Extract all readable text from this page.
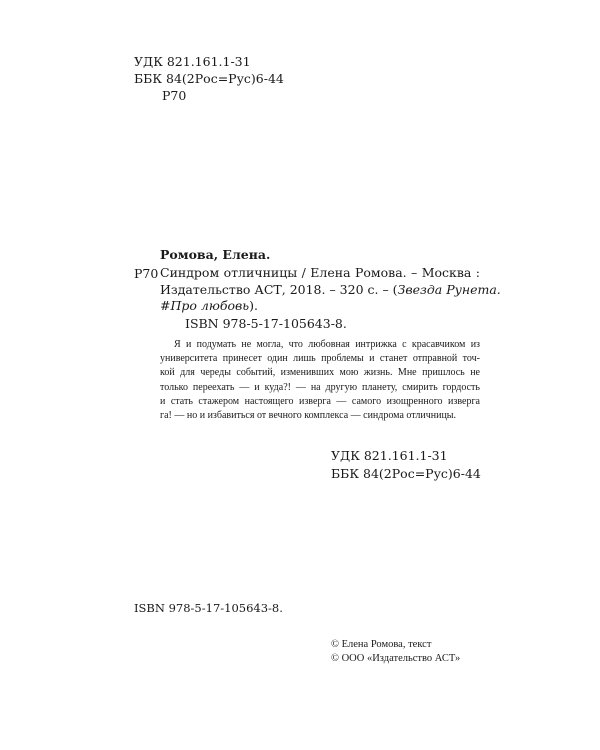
УДК 821.161.1-31
ББК 84(2Рос=Рус)6-44
Р70
Ромова, Елена.
Р70 Синдром отличницы / Елена Ромова. – Москва :
Издательство АСТ, 2018. – 320 с. – (Звезда Рунета.
#Про любовь).
ISBN 978-5-17-105643-8.
Я и подумать не могла, что любовная интрижка с красавчиком из
университета принесет один лишь проблемы и станет отправной точ-
кой для череды событий, изменивших мою жизнь. Мне пришлось не
только переехать — и куда?! — на другую планету, смирить гордость
и стать стажером настоящего изверга — самого изощренного изверга
га! — но и избавиться от вечного комплекса — синдрома отличницы.
УДК 821.161.1-31
ББК 84(2Рос=Рус)6-44
ISBN 978-5-17-105643-8.
© Елена Ромова, текст
© ООО «Издательство АСТ»
